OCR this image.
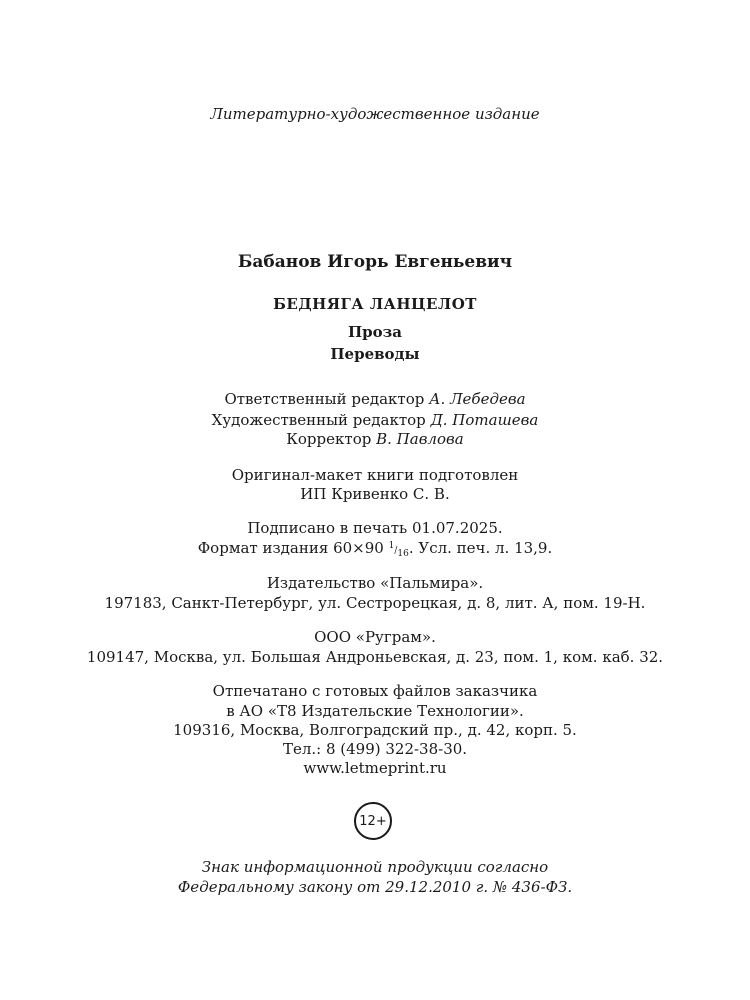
Литературно-художественное издание
Бабанов Игорь Евгеньевич
БЕДНЯГА ЛАНЦЕЛОТ
Проза
Переводы
Ответственный редактор А. Лебедева
Художественный редактор Д. Поташева
Корректор В. Павлова
Оригинал-макет книги подготовлен
ИП Кривенко С. В.
Подписано в печать 01.07.2025.
Формат издания 60×90 1/16. Усл. печ. л. 13,9.
Издательство «Пальмира».
197183, Санкт-Петербург, ул. Сестрорецкая, д. 8, лит. А, пом. 19-Н.
ООО «Руграм».
109147, Москва, ул. Большая Андроньевская, д. 23, пом. 1, ком. каб. 32.
Отпечатано с готовых файлов заказчика
в АО «Т8 Издательские Технологии».
109316, Москва, Волгоградский пр., д. 42, корп. 5.
Тел.: 8 (499) 322-38-30.
www.letmeprint.ru
12+
Знак информационной продукции согласно
Федеральному закону от 29.12.2010 г. № 436-ФЗ.
